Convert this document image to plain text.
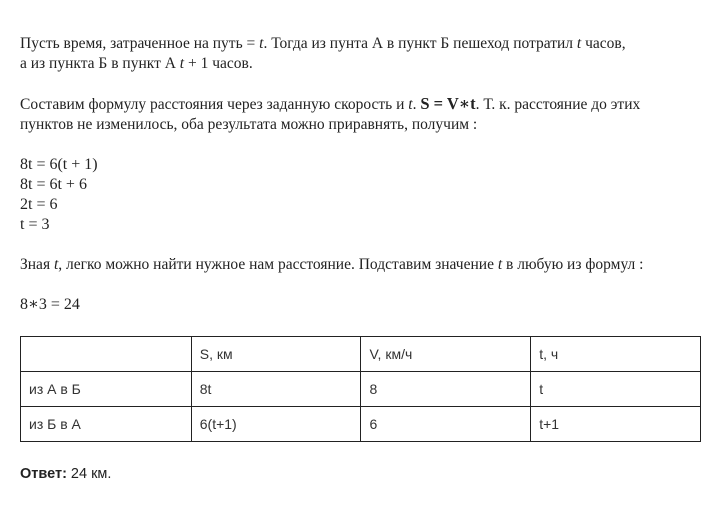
Пусть время, затраченное на путь = t. Тогда из пунта А в пункт Б пешеход потратил t часов,
а из пункта Б в пункт А t + 1 часов.

Составим формулу расстояния через заданную скорость и t. S = V∗t. Т. к. расстояние до этих
пунктов не изменилось, оба результата можно приравнять, получим :

8t = 6(t + 1)
8t = 6t + 6
2t = 6
t = 3

Зная t, легко можно найти нужное нам расстояние. Подставим значение t в любую из формул :

8∗3 = 24
	S, км	V, км/ч	t, ч
из А в Б	8t	8	t
из Б в А	6(t+1)	6	t+1
Ответ: 24 км.
